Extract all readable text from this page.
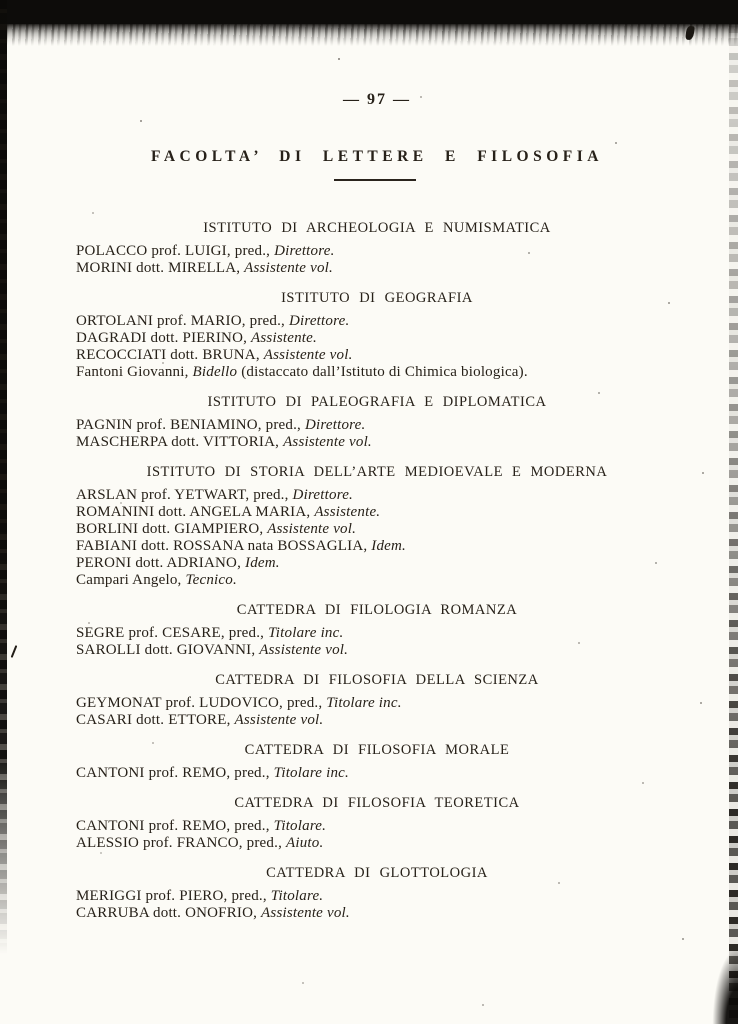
— 97 —
FACOLTA’ DI LETTERE E FILOSOFIA
ISTITUTO DI ARCHEOLOGIA E NUMISMATICA
POLACCO prof. LUIGI, pred., Direttore.
MORINI dott. MIRELLA, Assistente vol.
ISTITUTO DI GEOGRAFIA
ORTOLANI prof. MARIO, pred., Direttore.
DAGRADI dott. PIERINO, Assistente.
RECOCCIATI dott. BRUNA, Assistente vol.
Fantoni Giovanni, Bidello (distaccato dall’Istituto di Chimica biologica).
ISTITUTO DI PALEOGRAFIA E DIPLOMATICA
PAGNIN prof. BENIAMINO, pred., Direttore.
MASCHERPA dott. VITTORIA, Assistente vol.
ISTITUTO DI STORIA DELL’ARTE MEDIOEVALE E MODERNA
ARSLAN prof. YETWART, pred., Direttore.
ROMANINI dott. ANGELA MARIA, Assistente.
BORLINI dott. GIAMPIERO, Assistente vol.
FABIANI dott. ROSSANA nata BOSSAGLIA, Idem.
PERONI dott. ADRIANO, Idem.
Campari Angelo, Tecnico.
CATTEDRA DI FILOLOGIA ROMANZA
SEGRE prof. CESARE, pred., Titolare inc.
SAROLLI dott. GIOVANNI, Assistente vol.
CATTEDRA DI FILOSOFIA DELLA SCIENZA
GEYMONAT prof. LUDOVICO, pred., Titolare inc.
CASARI dott. ETTORE, Assistente vol.
CATTEDRA DI FILOSOFIA MORALE
CANTONI prof. REMO, pred., Titolare inc.
CATTEDRA DI FILOSOFIA TEORETICA
CANTONI prof. REMO, pred., Titolare.
ALESSIO prof. FRANCO, pred., Aiuto.
CATTEDRA DI GLOTTOLOGIA
MERIGGI prof. PIERO, pred., Titolare.
CARRUBA dott. ONOFRIO, Assistente vol.
